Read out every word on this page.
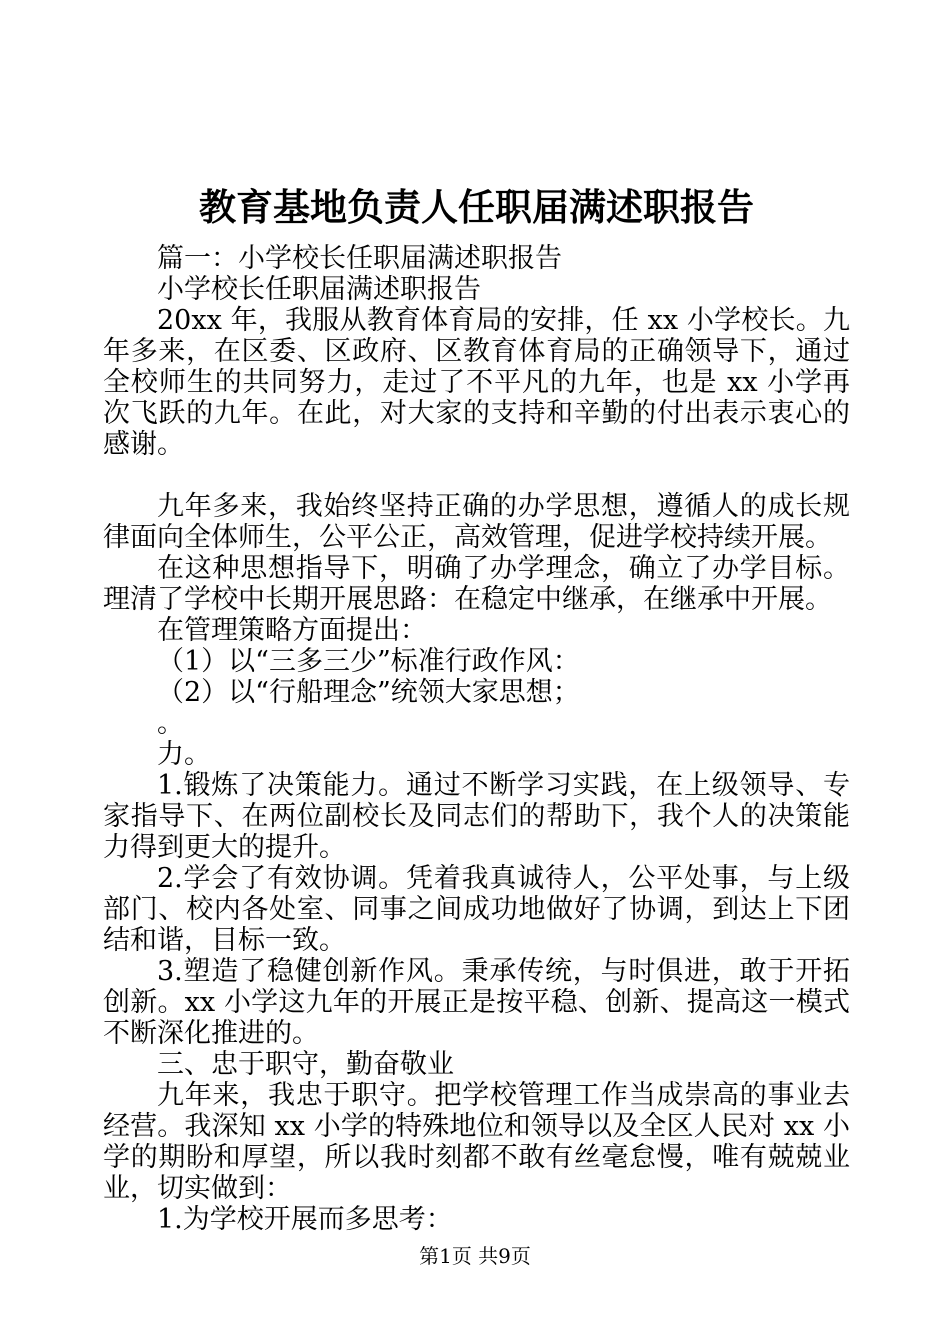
教育基地负责人任职届满述职报告

篇一：小学校长任职届满述职报告

小学校长任职届满述职报告

20xx 年，我服从教育体育局的安排，任 xx 小学校长。九年多来，在区委、区政府、区教育体育局的正确领导下，通过全校师生的共同努力，走过了不平凡的九年，也是 xx 小学再次飞跃的九年。在此，对大家的支持和辛勤的付出表示衷心的感谢。

九年多来，我始终坚持正确的办学思想，遵循人的成长规律面向全体师生，公平公正，高效管理，促进学校持续开展。

在这种思想指导下，明确了办学理念，确立了办学目标。理清了学校中长期开展思路：在稳定中继承，在继承中开展。

在管理策略方面提出：

（1）以“三多三少”标准行政作风：

（2）以“行船理念”统领大家思想；

。

力。

1.锻炼了决策能力。通过不断学习实践，在上级领导、专家指导下、在两位副校长及同志们的帮助下，我个人的决策能力得到更大的提升。

2.学会了有效协调。凭着我真诚待人，公平处事，与上级部门、校内各处室、同事之间成功地做好了协调，到达上下团结和谐，目标一致。

3.塑造了稳健创新作风。秉承传统，与时俱进，敢于开拓创新。xx 小学这九年的开展正是按平稳、创新、提高这一模式不断深化推进的。

三、忠于职守，勤奋敬业

九年来，我忠于职守。把学校管理工作当成崇高的事业去经营。我深知 xx 小学的特殊地位和领导以及全区人民对 xx 小学的期盼和厚望，所以我时刻都不敢有丝毫怠慢，唯有兢兢业业，切实做到：

1.为学校开展而多思考：

第1页 共9页
